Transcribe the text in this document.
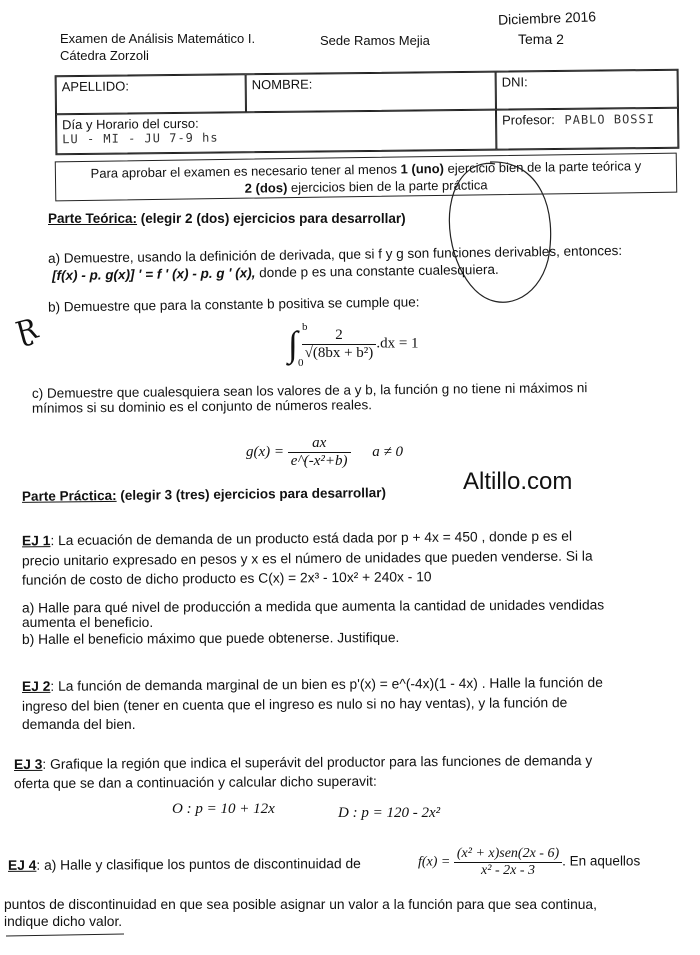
Examen de Análisis Matemático I.
Cátedra Zorzoli
Sede Ramos Mejia
Diciembre 2016
Tema 2
APELLIDO:	NOMBRE:	DNI:
Día y Horario del curso:
LU - MI - JU 7-9 hs
Profesor: PABLO BOSSI
Para aprobar el examen es necesario tener al menos 1 (uno) ejercicio bien de la parte teórica y
2 (dos) ejercicios bien de la parte práctica
Parte Teórica: (elegir 2 (dos) ejercicios para desarrollar)
a) Demuestre, usando la definición de derivada, que si f y g son funciones derivables, entonces:
[f(x) - p. g(x)] ' = f ' (x) - p. g ' (x), donde p es una constante cualesquiera.
b) Demuestre que para la constante b positiva se cumple que:
∫ b
0

$\frac{2}{\text{√(8bx + b²)}} .dx = 1$
Ɽ
c) Demuestre que cualesquiera sean los valores de a y b, la función g no tiene ni máximos ni
mínimos si su dominio es el conjunto de números reales.
$g(x) = \frac{ax}{\text{e\textasciicircum{}(-x²+b)}}$ a ≠ 0
Altillo.com
Parte Práctica: (elegir 3 (tres) ejercicios para desarrollar)
EJ 1: La ecuación de demanda de un producto está dada por p + 4x = 450 , donde p es el
precio unitario expresado en pesos y x es el número de unidades que pueden venderse. Si la
función de costo de dicho producto es C(x) = 2x³ - 10x² + 240x - 10
a) Halle para qué nivel de producción a medida que aumenta la cantidad de unidades vendidas
aumenta el beneficio.
b) Halle el beneficio máximo que puede obtenerse. Justifique.
EJ 2: La función de demanda marginal de un bien es p'(x) = e^(-4x)(1 - 4x) . Halle la función de
ingreso del bien (tener en cuenta que el ingreso es nulo si no hay ventas), y la función de
demanda del bien.
EJ 3: Grafique la región que indica el superávit del productor para las funciones de demanda y
oferta que se dan a continuación y calcular dicho superavit:
O : p = 10 + 12x	D : p = 120 - 2x²
EJ 4: a) Halle y clasifique los puntos de discontinuidad de	$f(x) = \frac{\text{(x² + x)sen(2x - 6)}}{\text{x² - 2x - 3}}$ . En aquellos
puntos de discontinuidad en que sea posible asignar un valor a la función para que sea continua,
indique dicho valor.
